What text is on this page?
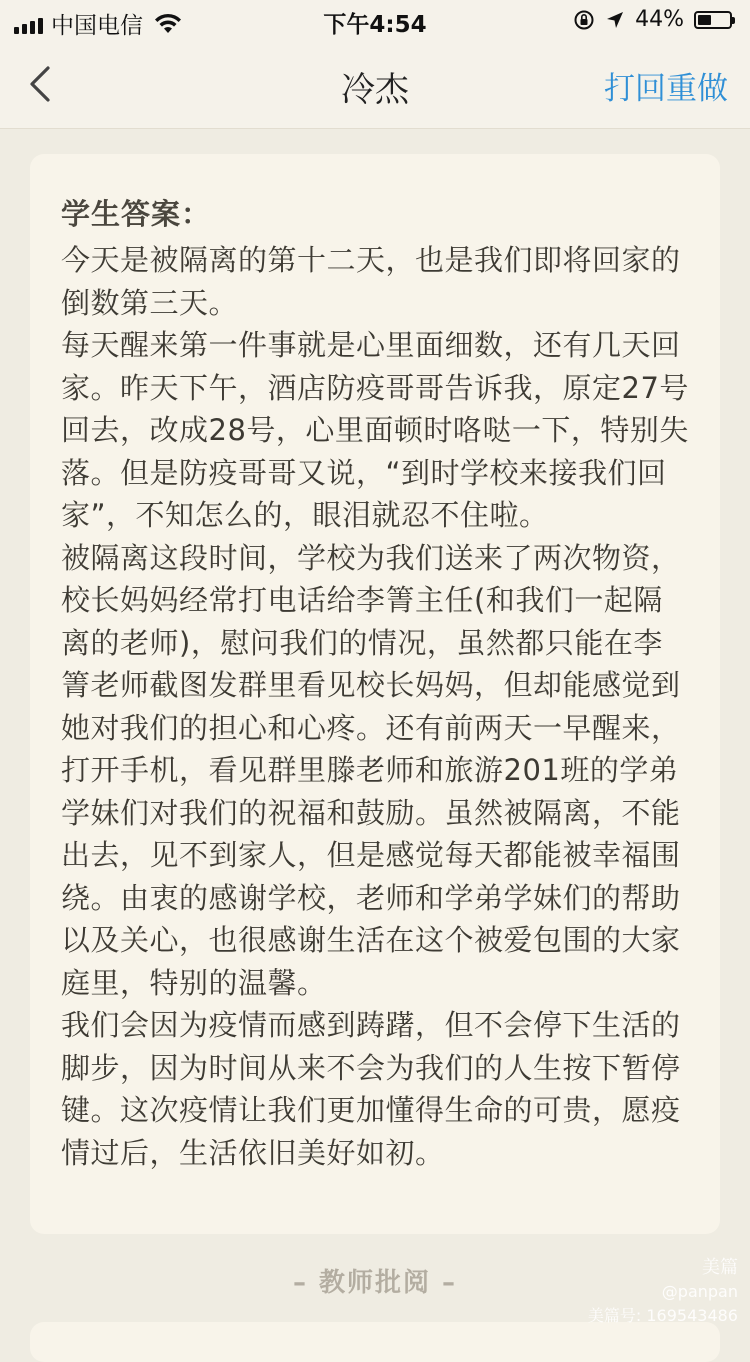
中国电信	下午4:54	44%
冷杰	打回重做
学生答案：

今天是被隔离的第十二天，也是我们即将回家的倒数第三天。

每天醒来第一件事就是心里面细数，还有几天回家。昨天下午，酒店防疫哥哥告诉我，原定27号回去，改成28号，心里面顿时咯哒一下，特别失落。但是防疫哥哥又说，“到时学校来接我们回家”，不知怎么的，眼泪就忍不住啦。

被隔离这段时间，学校为我们送来了两次物资，校长妈妈经常打电话给李箐主任(和我们一起隔离的老师)，慰问我们的情况，虽然都只能在李箐老师截图发群里看见校长妈妈，但却能感觉到她对我们的担心和心疼。还有前两天一早醒来，打开手机，看见群里滕老师和旅游201班的学弟学妹们对我们的祝福和鼓励。虽然被隔离，不能出去，见不到家人，但是感觉每天都能被幸福围绕。由衷的感谢学校，老师和学弟学妹们的帮助以及关心，也很感谢生活在这个被爱包围的大家庭里，特别的温馨。

我们会因为疫情而感到踌躇，但不会停下生活的脚步，因为时间从来不会为我们的人生按下暂停键。这次疫情让我们更加懂得生命的可贵，愿疫情过后，生活依旧美好如初。

– 教师批阅 –
美篇
@panpan
美篇号: 169543486
